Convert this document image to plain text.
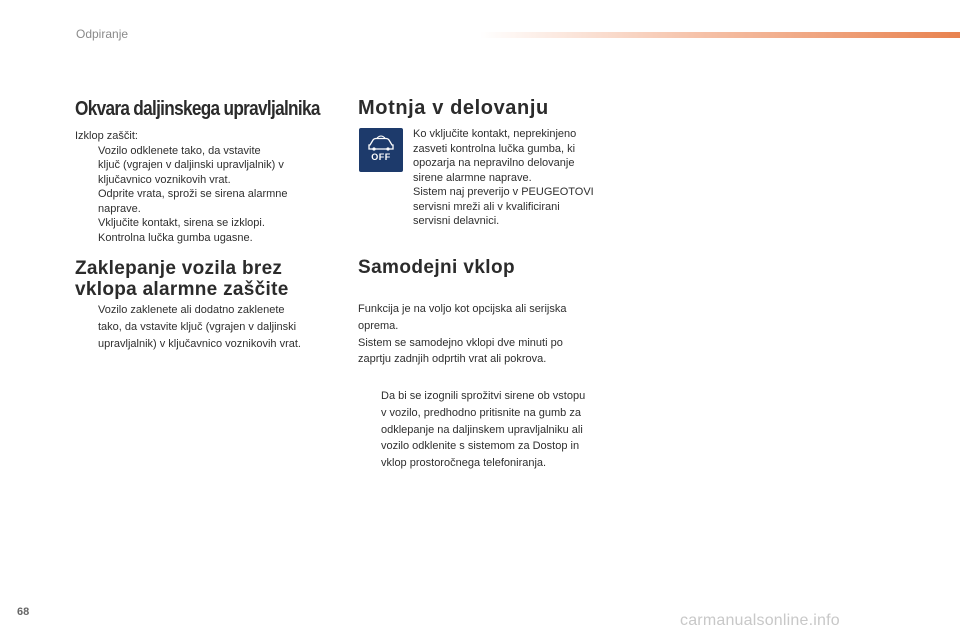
Odpiranje
Okvara daljinskega upravljalnika
Izklop zaščit:
Vozilo odklenete tako, da vstavite
ključ (vgrajen v daljinski upravljalnik) v
ključavnico voznikovih vrat.
Odprite vrata, sproži se sirena alarmne
naprave.
Vključite kontakt, sirena se izklopi.
Kontrolna lučka gumba ugasne.
Zaklepanje vozila brez
vklopa alarmne zaščite
Vozilo zaklenete ali dodatno zaklenete
tako, da vstavite ključ (vgrajen v daljinski
upravljalnik) v ključavnico voznikovih vrat.
Motnja v delovanju
OFF
Ko vključite kontakt, neprekinjeno
zasveti kontrolna lučka gumba, ki
opozarja na nepravilno delovanje
sirene alarmne naprave.
Sistem naj preverijo v PEUGEOTOVI
servisni mreži ali v kvalificirani
servisni delavnici.
Samodejni vklop
Funkcija je na voljo kot opcijska ali serijska
oprema.
Sistem se samodejno vklopi dve minuti po
zaprtju zadnjih odprtih vrat ali pokrova.
Da bi se izognili sprožitvi sirene ob vstopu
v vozilo, predhodno pritisnite na gumb za
odklepanje na daljinskem upravljalniku ali
vozilo odklenite s sistemom za Dostop in
vklop prostoročnega telefoniranja.
68	carmanualsonline.info
